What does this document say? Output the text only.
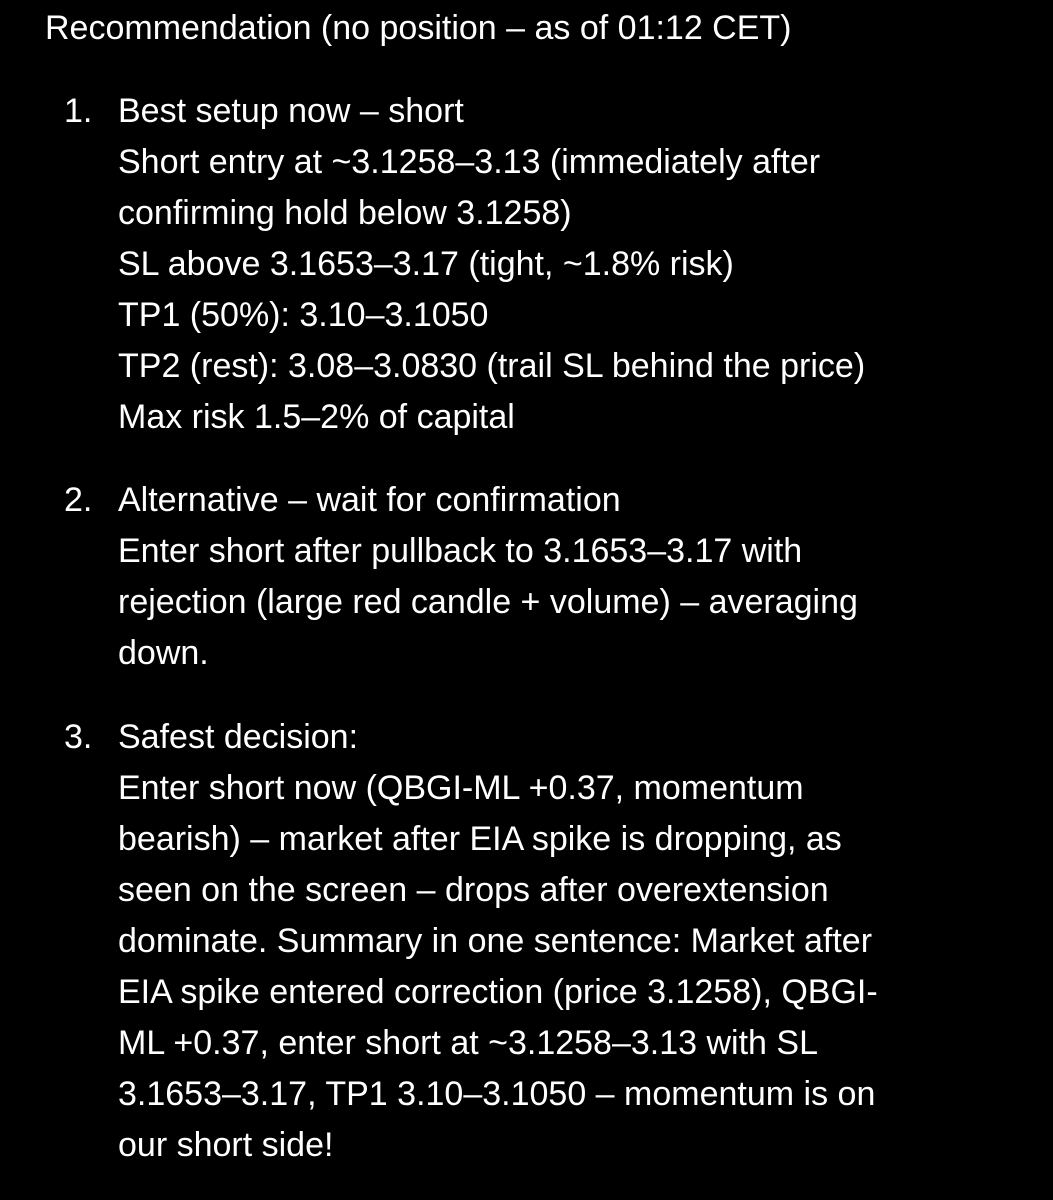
Recommendation (no position – as of 01:12 CET)
1. Best setup now – short
Short entry at ~3.1258–3.13 (immediately after
confirming hold below 3.1258)
SL above 3.1653–3.17 (tight, ~1.8% risk)
TP1 (50%): 3.10–3.1050
TP2 (rest): 3.08–3.0830 (trail SL behind the price)
Max risk 1.5–2% of capital
2. Alternative – wait for confirmation
Enter short after pullback to 3.1653–3.17 with
rejection (large red candle + volume) – averaging
down.
3. Safest decision:
Enter short now (QBGI-ML +0.37, momentum
bearish) – market after EIA spike is dropping, as
seen on the screen – drops after overextension
dominate. Summary in one sentence: Market after
EIA spike entered correction (price 3.1258), QBGI-
ML +0.37, enter short at ~3.1258–3.13 with SL
3.1653–3.17, TP1 3.10–3.1050 – momentum is on
our short side!
